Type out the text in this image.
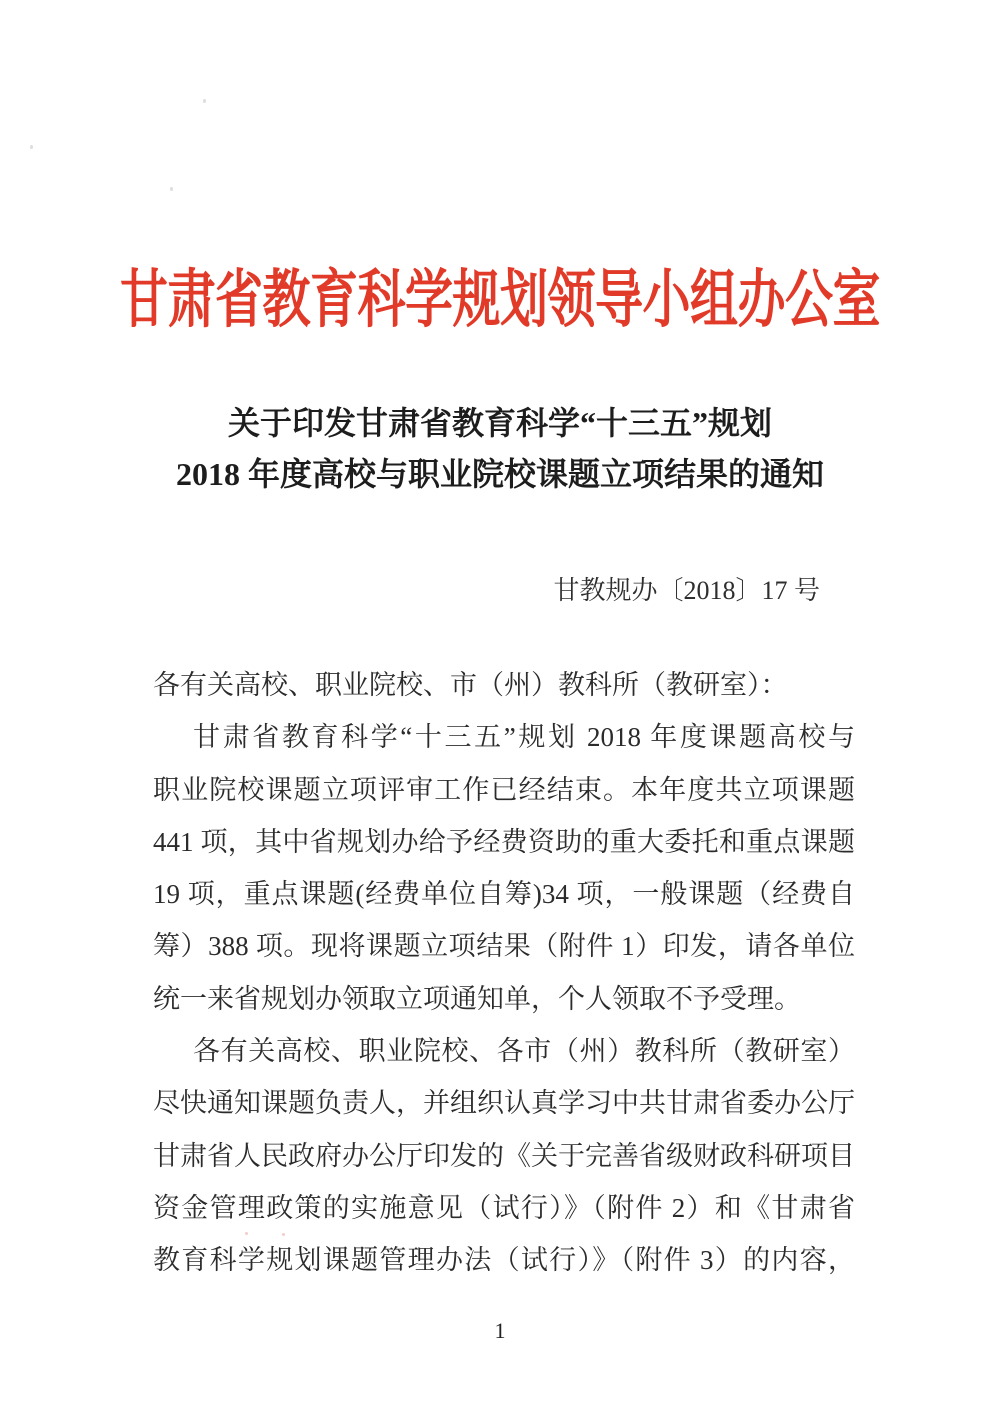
甘肃省教育科学规划领导小组办公室
关于印发甘肃省教育科学“十三五”规划
2018 年度高校与职业院校课题立项结果的通知
甘教规办〔2018〕17 号
各有关高校、职业院校、市（州）教科所（教研室）：
甘肃省教育科学“十三五”规划 2018 年度课题高校与
职业院校课题立项评审工作已经结束。本年度共立项课题
441 项，其中省规划办给予经费资助的重大委托和重点课题
19 项，重点课题(经费单位自筹)34 项，一般课题（经费自
筹）388 项。现将课题立项结果（附件 1）印发，请各单位
统一来省规划办领取立项通知单，个人领取不予受理。
各有关高校、职业院校、各市（州）教科所（教研室）
尽快通知课题负责人，并组织认真学习中共甘肃省委办公厅
甘肃省人民政府办公厅印发的《关于完善省级财政科研项目
资金管理政策的实施意见（试行）》（附件 2）和《甘肃省
教育科学规划课题管理办法（试行）》（附件 3）的内容，
1
